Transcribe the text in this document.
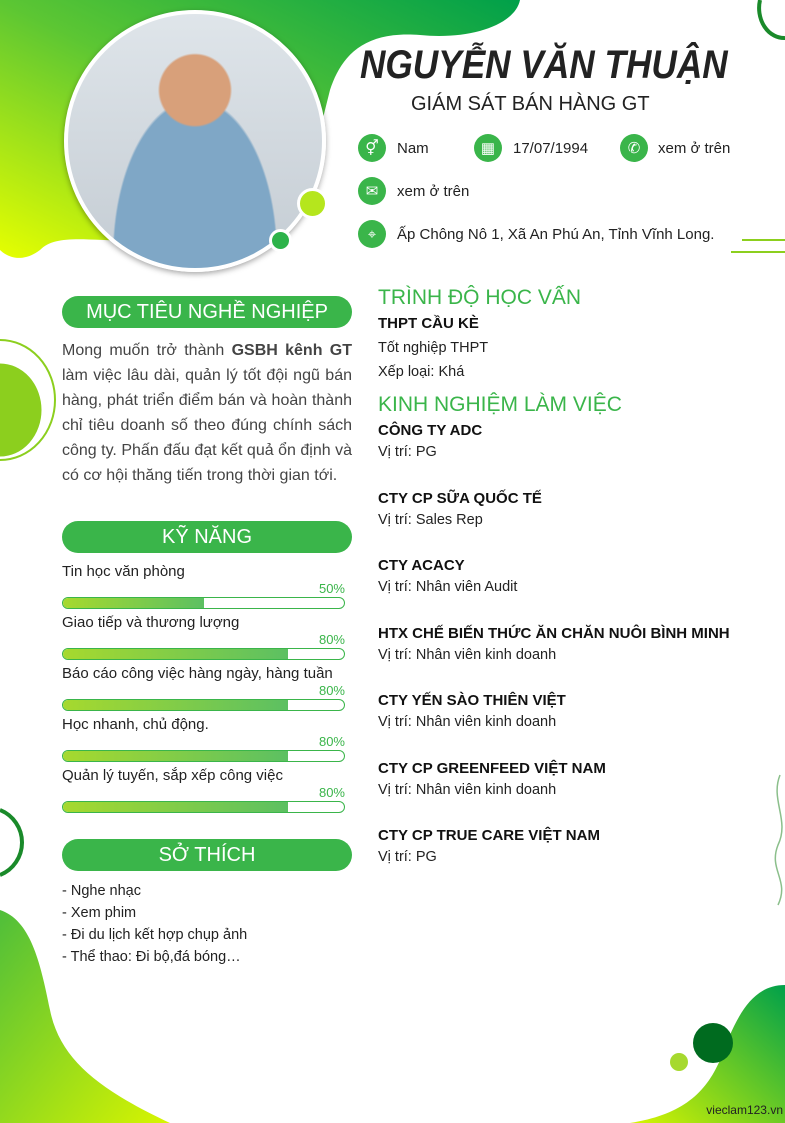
NGUYỄN VĂN THUẬN
GIÁM SÁT BÁN HÀNG GT
⚥	Nam	▦	17/07/1994	✆	xem ở trên
✉	xem ở trên
⌖	Ấp Chông Nô 1, Xã An Phú An, Tỉnh Vĩnh Long.
MỤC TIÊU NGHỀ NGHIỆP
Mong muốn trở thành GSBH kênh GT làm việc lâu dài, quản lý tốt đội ngũ bán hàng, phát triển điểm bán và hoàn thành chỉ tiêu doanh số theo đúng chính sách công ty. Phấn đấu đạt kết quả ổn định và có cơ hội thăng tiến trong thời gian tới.
KỸ NĂNG
Tin học văn phòng
50%
Giao tiếp và thương lượng
80%
Báo cáo công việc hàng ngày, hàng tuần
80%
Học nhanh, chủ động.
80%
Quản lý tuyến, sắp xếp công việc
80%
SỞ THÍCH
- Nghe nhạc
- Xem phim
- Đi du lịch kết hợp chụp ảnh
- Thể thao: Đi bộ,đá bóng…
TRÌNH ĐỘ HỌC VẤN
THPT CẦU KÈ
Tốt nghiệp THPT
Xếp loại: Khá
KINH NGHIỆM LÀM VIỆC
CÔNG TY ADC
Vị trí: PG
CTY CP SỮA QUỐC TẾ
Vị trí: Sales Rep
CTY ACACY
Vị trí: Nhân viên Audit
HTX CHẾ BIẾN THỨC ĂN CHĂN NUÔI BÌNH MINH
Vị trí: Nhân viên kinh doanh
CTY YẾN SÀO THIÊN VIỆT
Vị trí: Nhân viên kinh doanh
CTY CP GREENFEED VIỆT NAM
Vị trí: Nhân viên kinh doanh
CTY CP TRUE CARE VIỆT NAM
Vị trí: PG
vieclam123.vn
